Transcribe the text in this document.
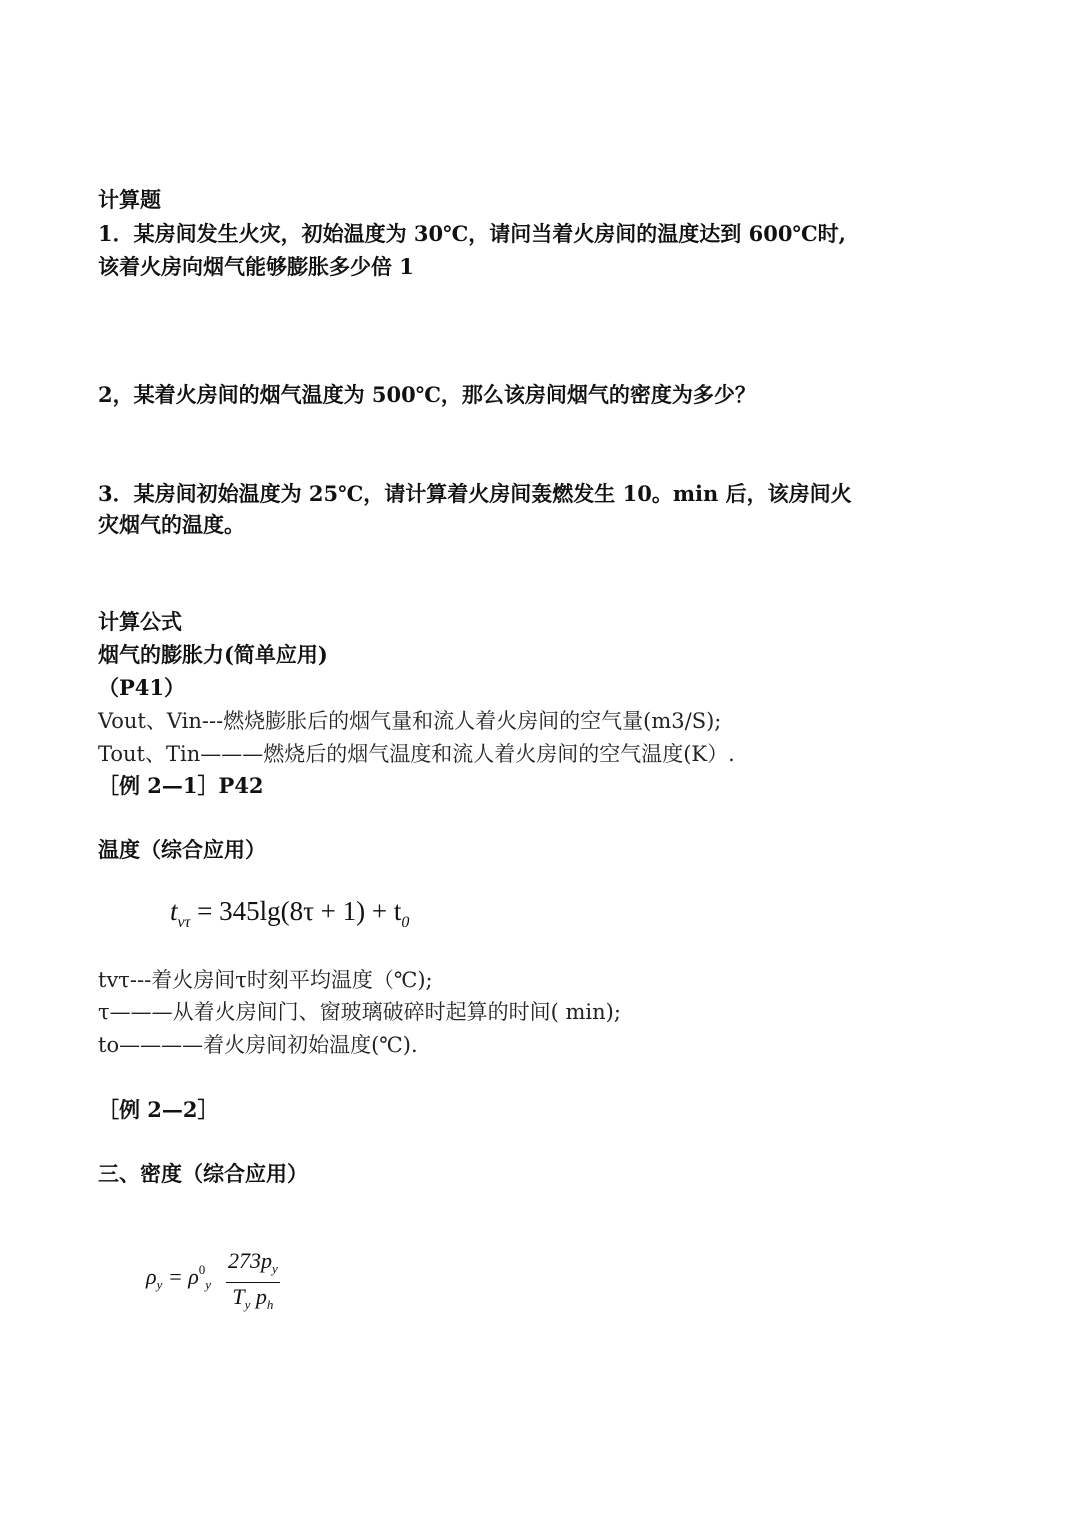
计算题
1．某房间发生火灾，初始温度为 30℃，请问当着火房间的温度达到 600℃时,
该着火房向烟气能够膨胀多少倍 1
2，某着火房间的烟气温度为 500℃，那么该房间烟气的密度为多少？
3．某房间初始温度为 25℃，请计算着火房间轰燃发生 10。min 后，该房间火
灾烟气的温度。
计算公式
烟气的膨胀力(简单应用)
（P41）
Vout、Vin---燃烧膨胀后的烟气量和流人着火房间的空气量(m3/S);
Tout、Tin———燃烧后的烟气温度和流人着火房间的空气温度(K）.
［例 2—1］P42
温度（综合应用）
$t_{v\tau} = 345\lg(8\tau + 1) + t_0$
tvτ---着火房间τ时刻平均温度（℃);
τ———从着火房间门、窗玻璃破碎时起算的时间( min);
to————着火房间初始温度(℃).
［例 2—2］
三、密度（综合应用）
$\rho_y = \rho^0_y \frac{273p_y}{T_y p_h}$
